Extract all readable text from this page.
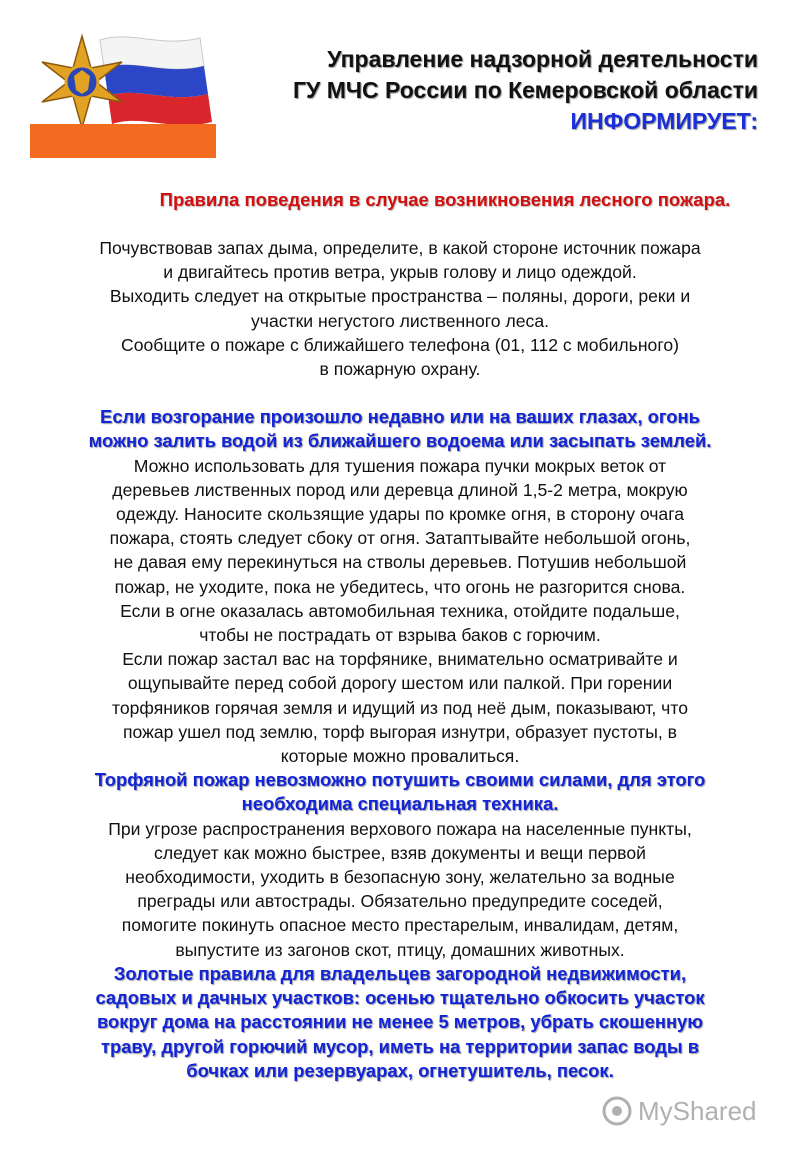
Управление надзорной деятельности
ГУ МЧС России по Кемеровской области
ИНФОРМИРУЕТ:
Правила поведения в случае возникновения лесного пожара.

Почувствовав запах дыма, определите, в какой стороне источник пожара

и двигайтесь против ветра, укрыв голову и лицо одеждой.

Выходить следует на открытые пространства – поляны, дороги, реки и

участки негустого лиственного леса.

Сообщите о пожаре с ближайшего телефона (01, 112 с мобильного)

в пожарную охрану.

Если возгорание произошло недавно или на ваших глазах, огонь

можно залить водой из ближайшего водоема или засыпать землей.

Можно использовать для тушения пожара пучки мокрых веток от

деревьев лиственных пород или деревца длиной 1,5-2 метра, мокрую

одежду. Наносите скользящие удары по кромке огня, в сторону очага

пожара, стоять следует сбоку от огня. Затаптывайте небольшой огонь,

не давая ему перекинуться на стволы деревьев. Потушив небольшой

пожар, не уходите, пока не убедитесь, что огонь не разгорится снова.

Если в огне оказалась автомобильная техника, отойдите подальше,

чтобы не пострадать от взрыва баков с горючим.

Если пожар застал вас на торфянике, внимательно осматривайте и

ощупывайте перед собой дорогу шестом или палкой. При горении

торфяников горячая земля и идущий из под неё дым, показывают, что

пожар ушел под землю, торф выгорая изнутри, образует пустоты, в

которые можно провалиться.

Торфяной пожар невозможно потушить своими силами, для этого

необходима специальная техника.

При угрозе распространения верхового пожара на населенные пункты,

следует как можно быстрее, взяв документы и вещи первой

необходимости, уходить в безопасную зону, желательно за водные

преграды или автострады. Обязательно предупредите соседей,

помогите покинуть опасное место престарелым, инвалидам, детям,

выпустите из загонов скот, птицу, домашних животных.

Золотые правила для владельцев загородной недвижимости,

садовых и дачных участков: осенью тщательно обкосить участок

вокруг дома на расстоянии не менее 5 метров, убрать скошенную

траву, другой горючий мусор, иметь на территории запас воды в

бочках или резервуарах, огнетушитель, песок.

MyShared
